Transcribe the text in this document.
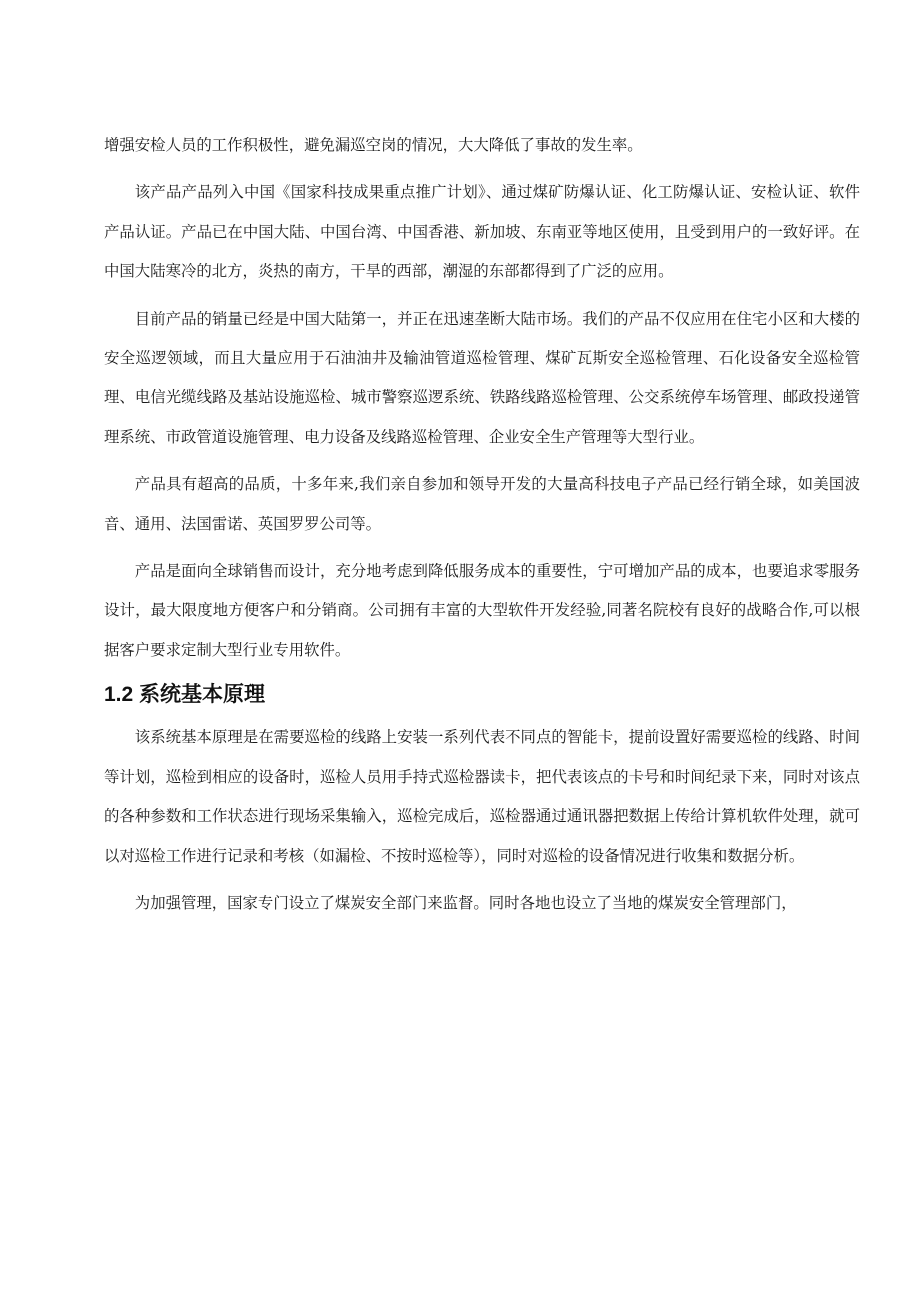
增强安检人员的工作积极性，避免漏巡空岗的情况，大大降低了事故的发生率。

该产品产品列入中国《国家科技成果重点推广计划》、通过煤矿防爆认证、化工防爆认证、安检认证、软件产品认证。产品已在中国大陆、中国台湾、中国香港、新加坡、东南亚等地区使用，且受到用户的一致好评。在中国大陆寒冷的北方，炎热的南方，干旱的西部，潮湿的东部都得到了广泛的应用。

目前产品的销量已经是中国大陆第一，并正在迅速垄断大陆市场。我们的产品不仅应用在住宅小区和大楼的安全巡逻领域，而且大量应用于石油油井及输油管道巡检管理、煤矿瓦斯安全巡检管理、石化设备安全巡检管理、电信光缆线路及基站设施巡检、城市警察巡逻系统、铁路线路巡检管理、公交系统停车场管理、邮政投递管理系统、市政管道设施管理、电力设备及线路巡检管理、企业安全生产管理等大型行业。

产品具有超高的品质，十多年来,我们亲自参加和领导开发的大量高科技电子产品已经行销全球，如美国波音、通用、法国雷诺、英国罗罗公司等。

产品是面向全球销售而设计，充分地考虑到降低服务成本的重要性，宁可增加产品的成本，也要追求零服务设计，最大限度地方便客户和分销商。公司拥有丰富的大型软件开发经验,同著名院校有良好的战略合作,可以根据客户要求定制大型行业专用软件。

1.2 系统基本原理

该系统基本原理是在需要巡检的线路上安装一系列代表不同点的智能卡，提前设置好需要巡检的线路、时间等计划，巡检到相应的设备时，巡检人员用手持式巡检器读卡，把代表该点的卡号和时间纪录下来，同时对该点的各种参数和工作状态进行现场采集输入，巡检完成后，巡检器通过通讯器把数据上传给计算机软件处理，就可以对巡检工作进行记录和考核（如漏检、不按时巡检等），同时对巡检的设备情况进行收集和数据分析。

为加强管理，国家专门设立了煤炭安全部门来监督。同时各地也设立了当地的煤炭安全管理部门，
